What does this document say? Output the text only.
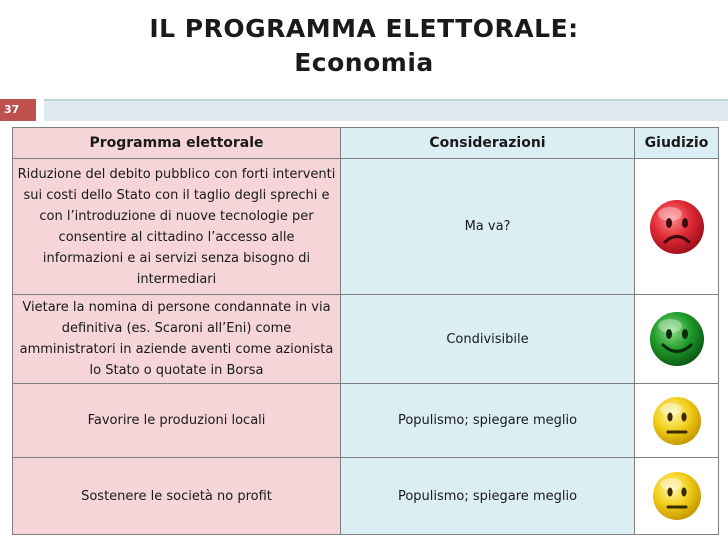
IL PROGRAMMA ELETTORALE:
Economia
37
Programma elettorale	Considerazioni	Giudizio
Riduzione del debito pubblico con forti interventi sui costi dello Stato con il taglio degli sprechi e con l’introduzione di nuove tecnologie per consentire al cittadino l’accesso alle informazioni e ai servizi senza bisogno di intermediari	Ma va?	
Vietare la nomina di persone condannate in via definitiva (es. Scaroni all’Eni) come amministratori in aziende aventi come azionista lo Stato o quotate in Borsa	Condivisibile	
Favorire le produzioni locali	Populismo; spiegare meglio	
Sostenere le società no profit	Populismo; spiegare meglio	
